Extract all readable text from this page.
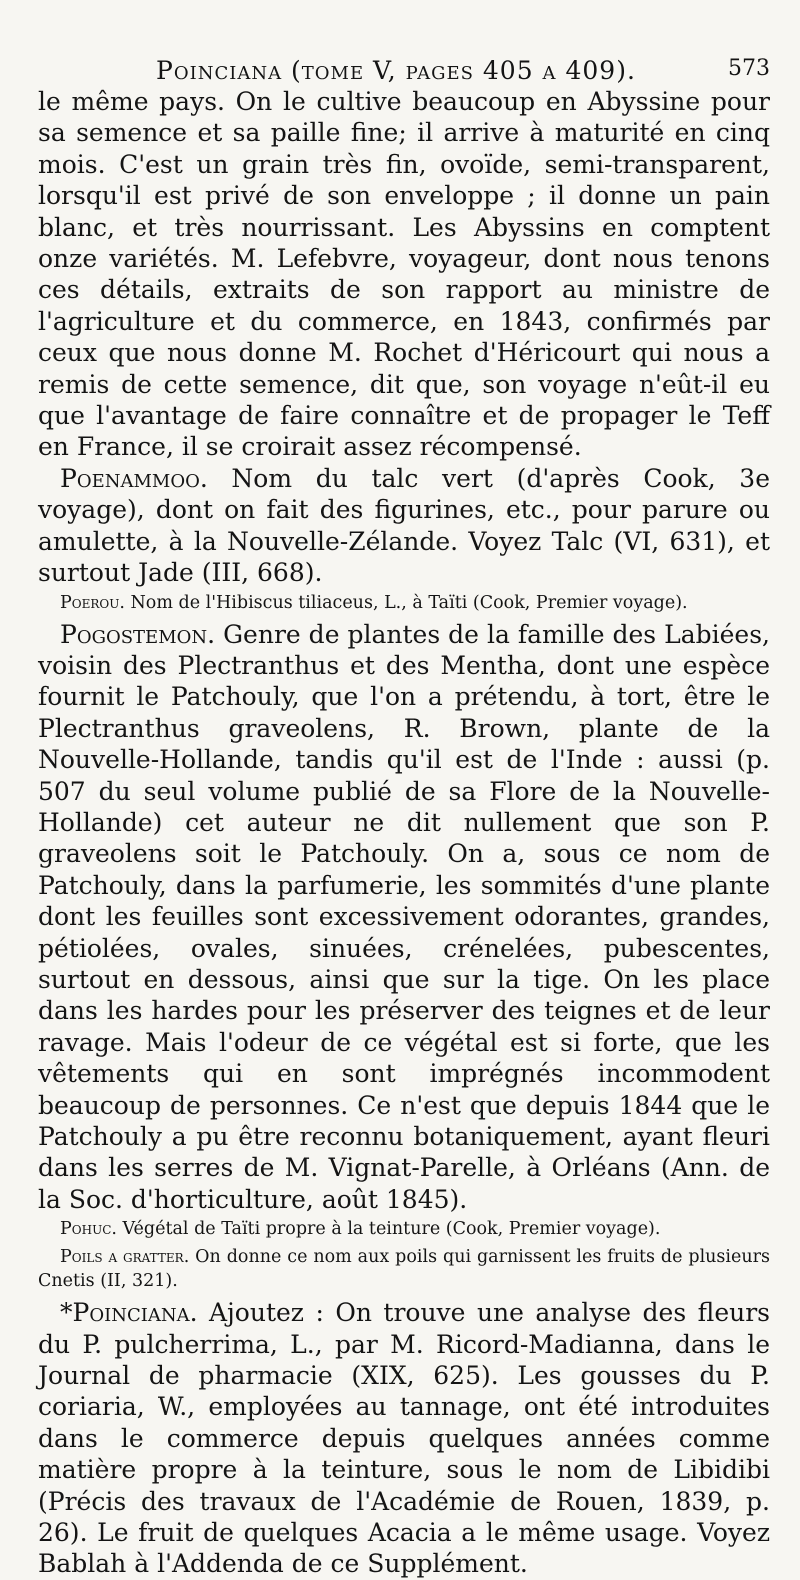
Poinciana (tome V, pages 405 a 409).	573

le même pays. On le cultive beaucoup en Abyssine pour sa semence et sa paille fine; il arrive à maturité en cinq mois. C'est un grain très fin, ovoïde, semi-transparent, lorsqu'il est privé de son enveloppe ; il donne un pain blanc, et très nourrissant. Les Abyssins en comptent onze variétés. M. Lefebvre, voyageur, dont nous tenons ces détails, extraits de son rapport au ministre de l'agriculture et du commerce, en 1843, confirmés par ceux que nous donne M. Rochet d'Héricourt qui nous a remis de cette semence, dit que, son voyage n'eût-il eu que l'avantage de faire connaître et de propager le Teff en France, il se croirait assez récompensé.

Poenammoo. Nom du talc vert (d'après Cook, 3e voyage), dont on fait des figurines, etc., pour parure ou amulette, à la Nouvelle-Zélande. Voyez Talc (VI, 631), et surtout Jade (III, 668).

Poerou. Nom de l'Hibiscus tiliaceus, L., à Taïti (Cook, Premier voyage).

Pogostemon. Genre de plantes de la famille des Labiées, voisin des Plectranthus et des Mentha, dont une espèce fournit le Patchouly, que l'on a prétendu, à tort, être le Plectranthus graveolens, R. Brown, plante de la Nouvelle-Hollande, tandis qu'il est de l'Inde : aussi (p. 507 du seul volume publié de sa Flore de la Nouvelle-Hollande) cet auteur ne dit nullement que son P. graveolens soit le Patchouly. On a, sous ce nom de Patchouly, dans la parfumerie, les sommités d'une plante dont les feuilles sont excessivement odorantes, grandes, pétiolées, ovales, sinuées, crénelées, pubescentes, surtout en dessous, ainsi que sur la tige. On les place dans les hardes pour les préserver des teignes et de leur ravage. Mais l'odeur de ce végétal est si forte, que les vêtements qui en sont imprégnés incommodent beaucoup de personnes. Ce n'est que depuis 1844 que le Patchouly a pu être reconnu botaniquement, ayant fleuri dans les serres de M. Vignat-Parelle, à Orléans (Ann. de la Soc. d'horticulture, août 1845).

Pohuc. Végétal de Taïti propre à la teinture (Cook, Premier voyage).

Poils a gratter. On donne ce nom aux poils qui garnissent les fruits de plusieurs Cnetis (II, 321).

*Poinciana. Ajoutez : On trouve une analyse des fleurs du P. pulcherrima, L., par M. Ricord-Madianna, dans le Journal de pharmacie (XIX, 625). Les gousses du P. coriaria, W., employées au tannage, ont été introduites dans le commerce depuis quelques années comme matière propre à la teinture, sous le nom de Libidibi (Précis des travaux de l'Académie de Rouen, 1839, p. 26). Le fruit de quelques Acacia a le même usage. Voyez Bablah à l'Addenda de ce Supplément.
